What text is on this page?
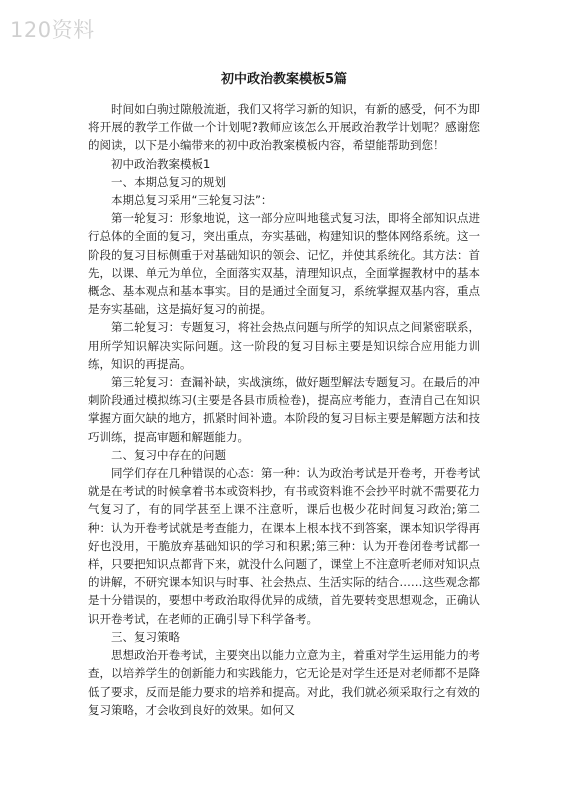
120资料
初中政治教案模板5篇

时间如白驹过隙般流逝，我们又将学习新的知识，有新的感受，何不为即将开展的教学工作做一个计划呢?教师应该怎么开展政治教学计划呢？感谢您的阅读，以下是小编带来的初中政治教案模板内容，希望能帮助到您！

初中政治教案模板1

一、本期总复习的规划

本期总复习采用“三轮复习法”：

第一轮复习：形象地说，这一部分应叫地毯式复习法，即将全部知识点进行总体的全面的复习，突出重点，夯实基础，构建知识的整体网络系统。这一阶段的复习目标侧重于对基础知识的领会、记忆，并使其系统化。其方法：首先，以课、单元为单位，全面落实双基，清理知识点，全面掌握教材中的基本概念、基本观点和基本事实。目的是通过全面复习，系统掌握双基内容，重点是夯实基础，这是搞好复习的前提。

第二轮复习：专题复习，将社会热点问题与所学的知识点之间紧密联系，用所学知识解决实际问题。这一阶段的复习目标主要是知识综合应用能力训练，知识的再提高。

第三轮复习：查漏补缺，实战演练，做好题型解法专题复习。在最后的冲刺阶段通过模拟练习(主要是各县市质检卷)，提高应考能力，查清自己在知识掌握方面欠缺的地方，抓紧时间补遗。本阶段的复习目标主要是解题方法和技巧训练，提高审题和解题能力。

二、复习中存在的问题

同学们存在几种错误的心态：第一种：认为政治考试是开卷考，开卷考试就是在考试的时候拿着书本或资料抄，有书或资料谁不会抄平时就不需要花力气复习了，有的同学甚至上课不注意听，课后也极少花时间复习政治;第二种：认为开卷考试就是考查能力，在课本上根本找不到答案，课本知识学得再好也没用，干脆放弃基础知识的学习和积累;第三种：认为开卷闭卷考试都一样，只要把知识点都背下来，就没什么问题了，课堂上不注意听老师对知识点的讲解，不研究课本知识与时事、社会热点、生活实际的结合……这些观念都是十分错误的，要想中考政治取得优异的成绩，首先要转变思想观念，正确认识开卷考试，在老师的正确引导下科学备考。

三、复习策略

思想政治开卷考试，主要突出以能力立意为主，着重对学生运用能力的考查，以培养学生的创新能力和实践能力，它无论是对学生还是对老师都不是降低了要求，反而是能力要求的培养和提高。对此，我们就必须采取行之有效的复习策略，才会收到良好的效果。如何又
